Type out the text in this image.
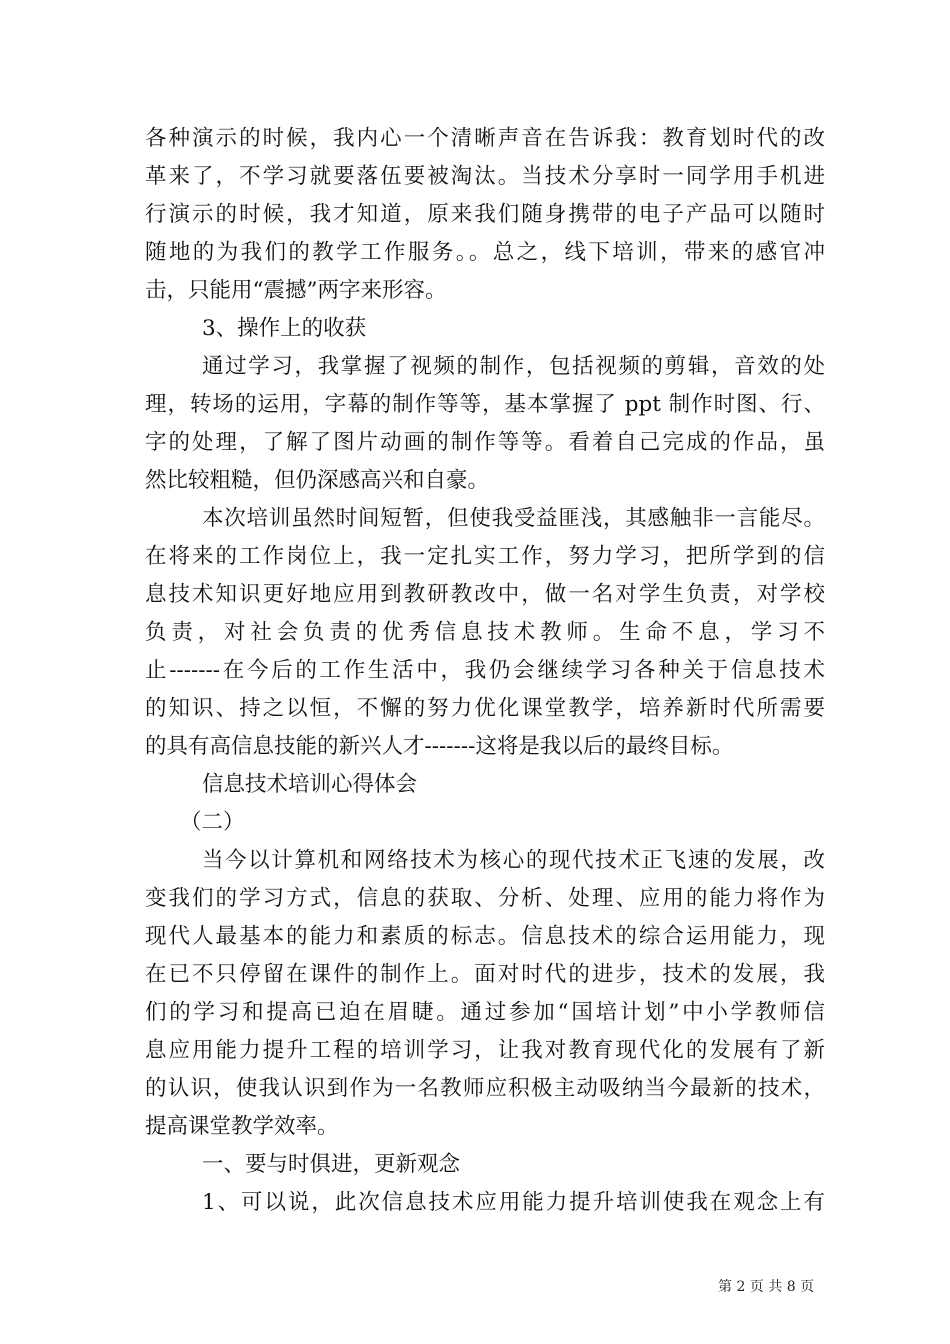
各种演示的时候，我内心一个清晰声音在告诉我：教育划时代的改
革来了，不学习就要落伍要被淘汰。当技术分享时一同学用手机进
行演示的时候，我才知道，原来我们随身携带的电子产品可以随时
随地的为我们的教学工作服务。。总之，线下培训，带来的感官冲
击，只能用“震撼”两字来形容。
3、操作上的收获
通过学习，我掌握了视频的制作，包括视频的剪辑，音效的处
理，转场的运用，字幕的制作等等，基本掌握了 ppt 制作时图、行、
字的处理，了解了图片动画的制作等等。看着自己完成的作品，虽
然比较粗糙，但仍深感高兴和自豪。
本次培训虽然时间短暂，但使我受益匪浅，其感触非一言能尽。
在将来的工作岗位上，我一定扎实工作，努力学习，把所学到的信
息技术知识更好地应用到教研教改中，做一名对学生负责，对学校
负责，对社会负责的优秀信息技术教师。生命不息，学习不
止-------在今后的工作生活中，我仍会继续学习各种关于信息技术
的知识、持之以恒，不懈的努力优化课堂教学，培养新时代所需要
的具有高信息技能的新兴人才-------这将是我以后的最终目标。
信息技术培训心得体会
（二）
当今以计算机和网络技术为核心的现代技术正飞速的发展，改
变我们的学习方式，信息的获取、分析、处理、应用的能力将作为
现代人最基本的能力和素质的标志。信息技术的综合运用能力，现
在已不只停留在课件的制作上。面对时代的进步，技术的发展，我
们的学习和提高已迫在眉睫。通过参加“国培计划”中小学教师信
息应用能力提升工程的培训学习，让我对教育现代化的发展有了新
的认识，使我认识到作为一名教师应积极主动吸纳当今最新的技术，
提高课堂教学效率。
一、要与时俱进，更新观念
1、可以说，此次信息技术应用能力提升培训使我在观念上有
第 2 页 共 8 页
